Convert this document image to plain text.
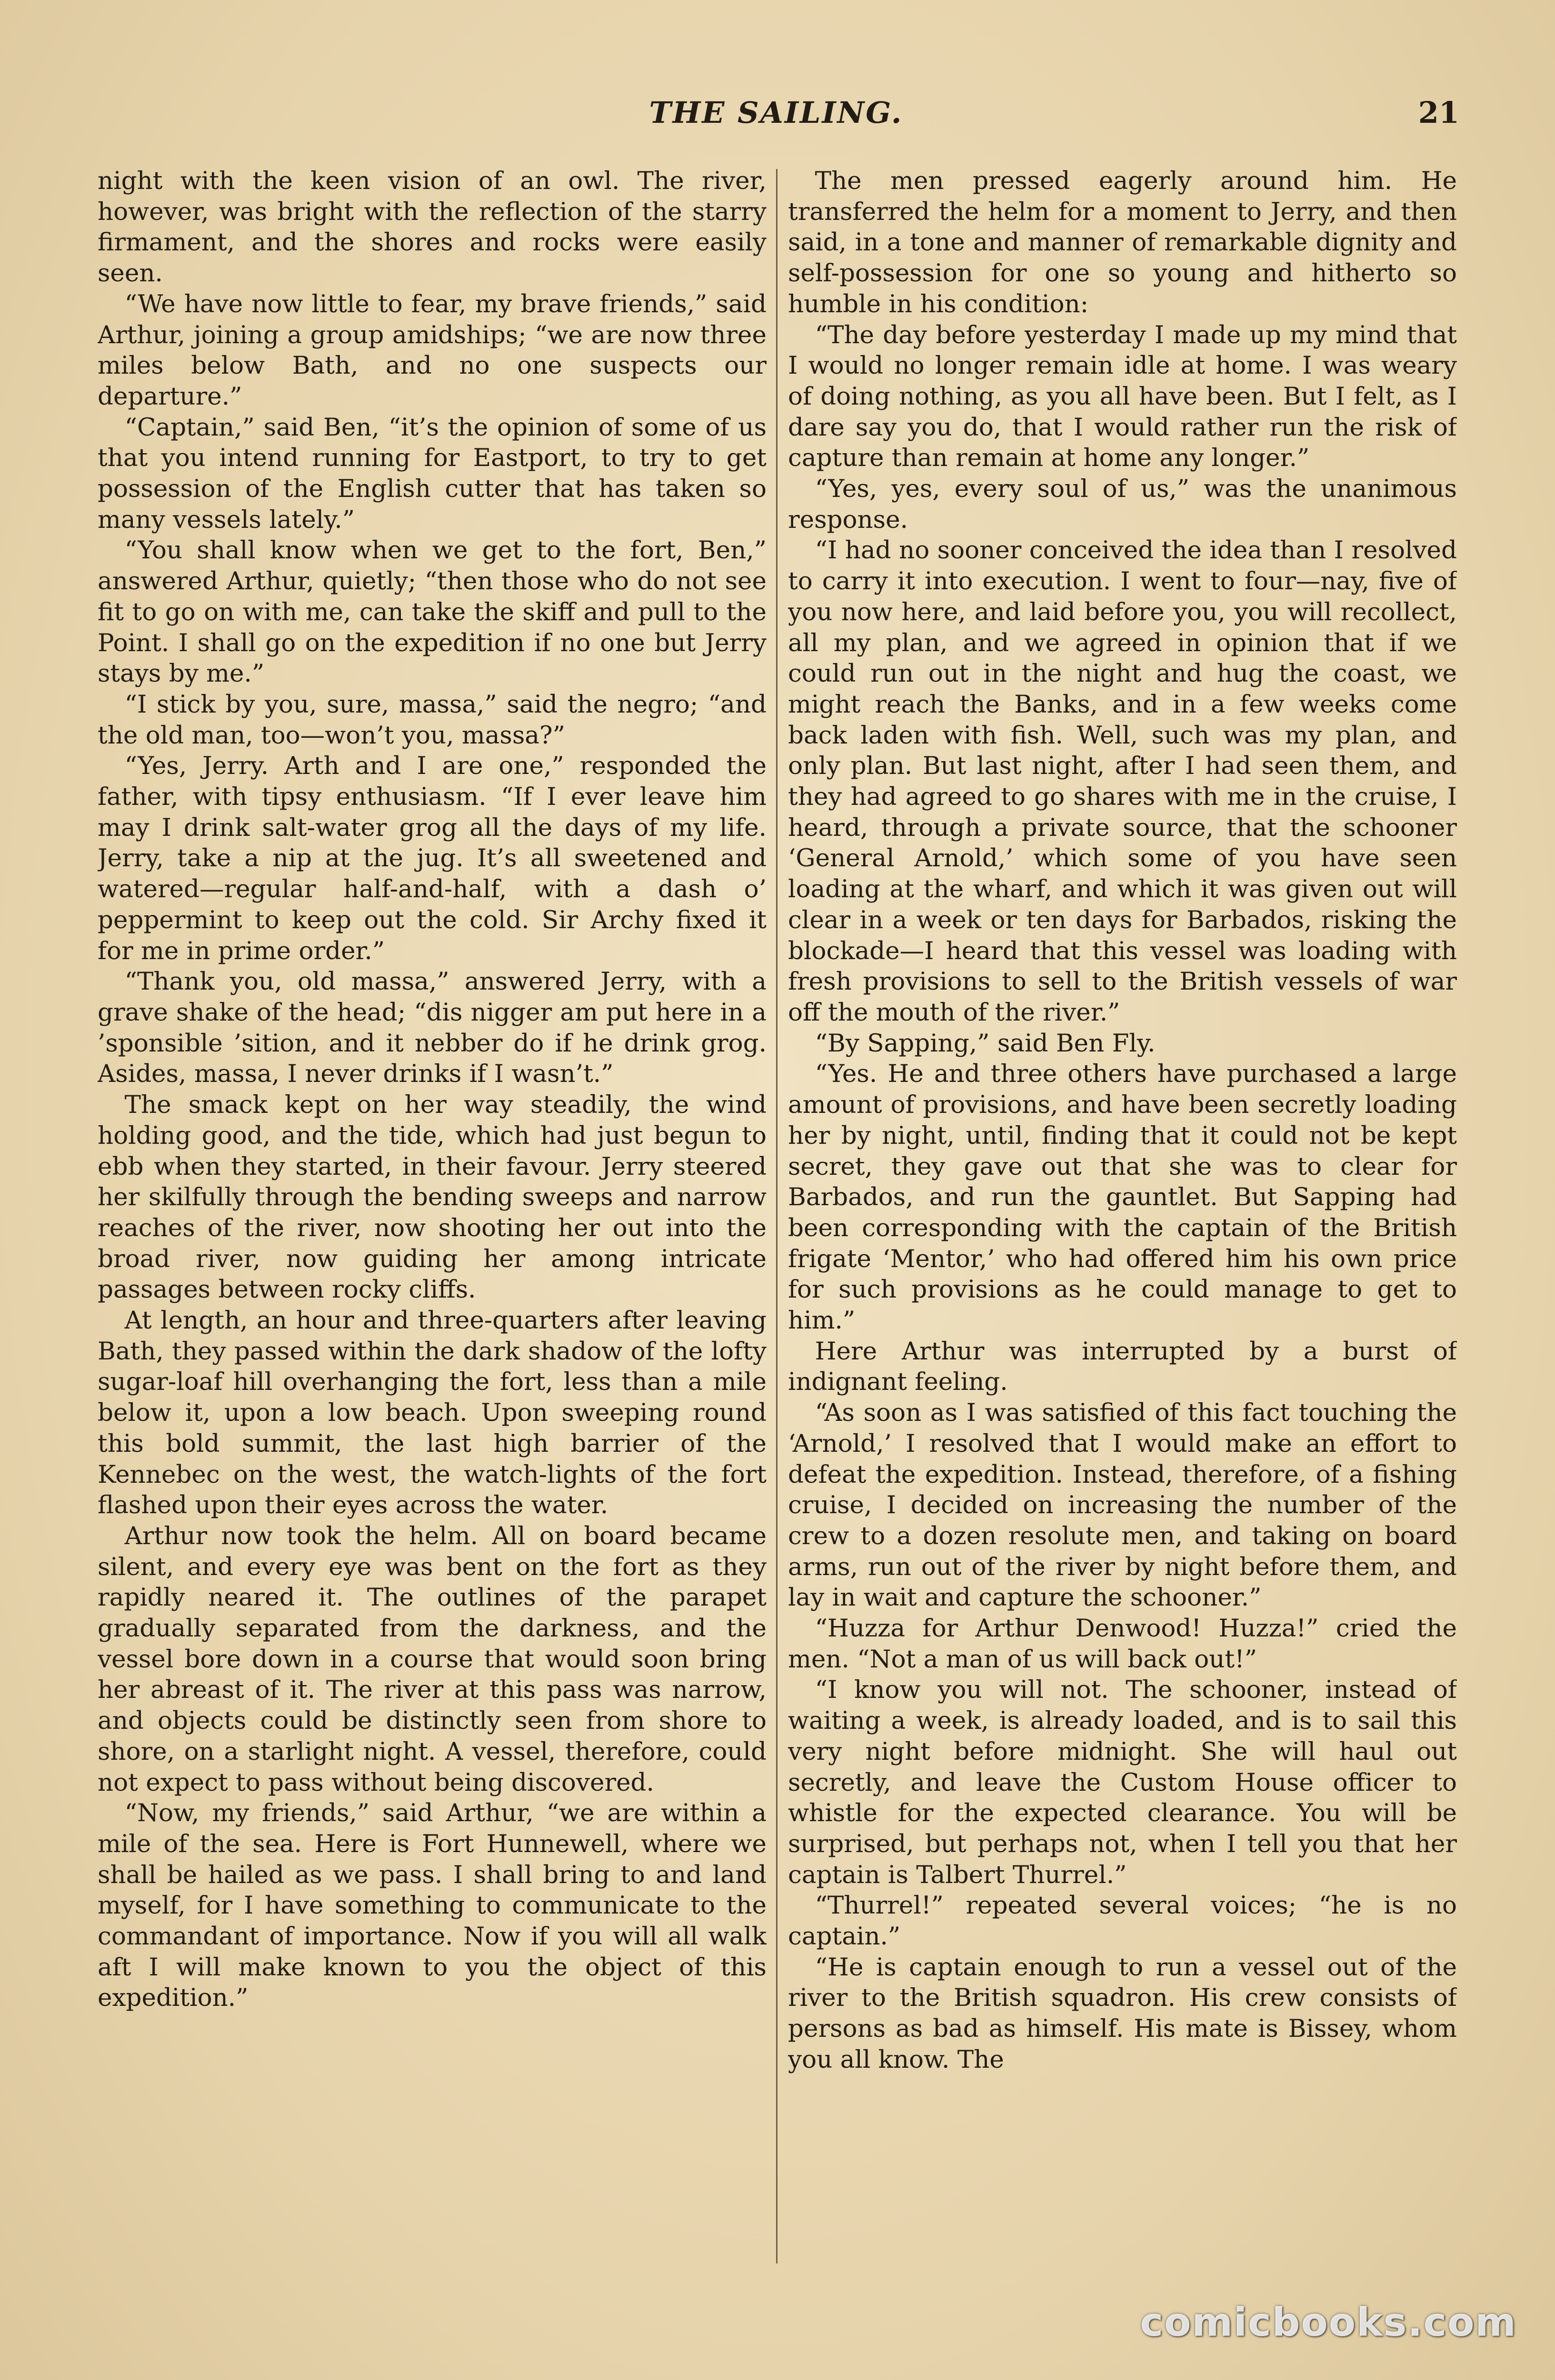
THE SAILING.	21

night with the keen vision of an owl. The river, however, was bright with the reflection of the starry firmament, and the shores and rocks were easily seen.

“We have now little to fear, my brave friends,” said Arthur, joining a group amidships; “we are now three miles below Bath, and no one suspects our departure.”

“Captain,” said Ben, “it’s the opinion of some of us that you intend running for Eastport, to try to get possession of the English cutter that has taken so many vessels lately.”

“You shall know when we get to the fort, Ben,” answered Arthur, quietly; “then those who do not see fit to go on with me, can take the skiff and pull to the Point. I shall go on the expedition if no one but Jerry stays by me.”

“I stick by you, sure, massa,” said the negro; “and the old man, too—won’t you, massa?”

“Yes, Jerry. Arth and I are one,” responded the father, with tipsy enthusiasm. “If I ever leave him may I drink salt-water grog all the days of my life. Jerry, take a nip at the jug. It’s all sweetened and watered—regular half-and-half, with a dash o’ peppermint to keep out the cold. Sir Archy fixed it for me in prime order.”

“Thank you, old massa,” answered Jerry, with a grave shake of the head; “dis nigger am put here in a ’sponsible ’sition, and it nebber do if he drink grog. Asides, massa, I never drinks if I wasn’t.”

The smack kept on her way steadily, the wind holding good, and the tide, which had just begun to ebb when they started, in their favour. Jerry steered her skilfully through the bending sweeps and narrow reaches of the river, now shooting her out into the broad river, now guiding her among intricate passages between rocky cliffs.

At length, an hour and three-quarters after leaving Bath, they passed within the dark shadow of the lofty sugar-loaf hill overhanging the fort, less than a mile below it, upon a low beach. Upon sweeping round this bold summit, the last high barrier of the Kennebec on the west, the watch-lights of the fort flashed upon their eyes across the water.

Arthur now took the helm. All on board became silent, and every eye was bent on the fort as they rapidly neared it. The outlines of the parapet gradually separated from the darkness, and the vessel bore down in a course that would soon bring her abreast of it. The river at this pass was narrow, and objects could be distinctly seen from shore to shore, on a starlight night. A vessel, therefore, could not expect to pass without being discovered.

“Now, my friends,” said Arthur, “we are within a mile of the sea. Here is Fort Hunnewell, where we shall be hailed as we pass. I shall bring to and land myself, for I have something to communicate to the commandant of importance. Now if you will all walk aft I will make known to you the object of this expedition.”

The men pressed eagerly around him. He transferred the helm for a moment to Jerry, and then said, in a tone and manner of remarkable dignity and self-possession for one so young and hitherto so humble in his condition:

“The day before yesterday I made up my mind that I would no longer remain idle at home. I was weary of doing nothing, as you all have been. But I felt, as I dare say you do, that I would rather run the risk of capture than remain at home any longer.”

“Yes, yes, every soul of us,” was the unanimous response.

“I had no sooner conceived the idea than I resolved to carry it into execution. I went to four—nay, five of you now here, and laid before you, you will recollect, all my plan, and we agreed in opinion that if we could run out in the night and hug the coast, we might reach the Banks, and in a few weeks come back laden with fish. Well, such was my plan, and only plan. But last night, after I had seen them, and they had agreed to go shares with me in the cruise, I heard, through a private source, that the schooner ‘General Arnold,’ which some of you have seen loading at the wharf, and which it was given out will clear in a week or ten days for Barbados, risking the blockade—I heard that this vessel was loading with fresh provisions to sell to the British vessels of war off the mouth of the river.”

“By Sapping,” said Ben Fly.

“Yes. He and three others have purchased a large amount of provisions, and have been secretly loading her by night, until, finding that it could not be kept secret, they gave out that she was to clear for Barbados, and run the gauntlet. But Sapping had been corresponding with the captain of the British frigate ‘Mentor,’ who had offered him his own price for such provisions as he could manage to get to him.”

Here Arthur was interrupted by a burst of indignant feeling.

“As soon as I was satisfied of this fact touching the ‘Arnold,’ I resolved that I would make an effort to defeat the expedition. Instead, therefore, of a fishing cruise, I decided on increasing the number of the crew to a dozen resolute men, and taking on board arms, run out of the river by night before them, and lay in wait and capture the schooner.”

“Huzza for Arthur Denwood! Huzza!” cried the men. “Not a man of us will back out!”

“I know you will not. The schooner, instead of waiting a week, is already loaded, and is to sail this very night before midnight. She will haul out secretly, and leave the Custom House officer to whistle for the expected clearance. You will be surprised, but perhaps not, when I tell you that her captain is Talbert Thurrel.”

“Thurrel!” repeated several voices; “he is no captain.”

“He is captain enough to run a vessel out of the river to the British squadron. His crew consists of persons as bad as himself. His mate is Bissey, whom you all know. The

comicbooks.com
